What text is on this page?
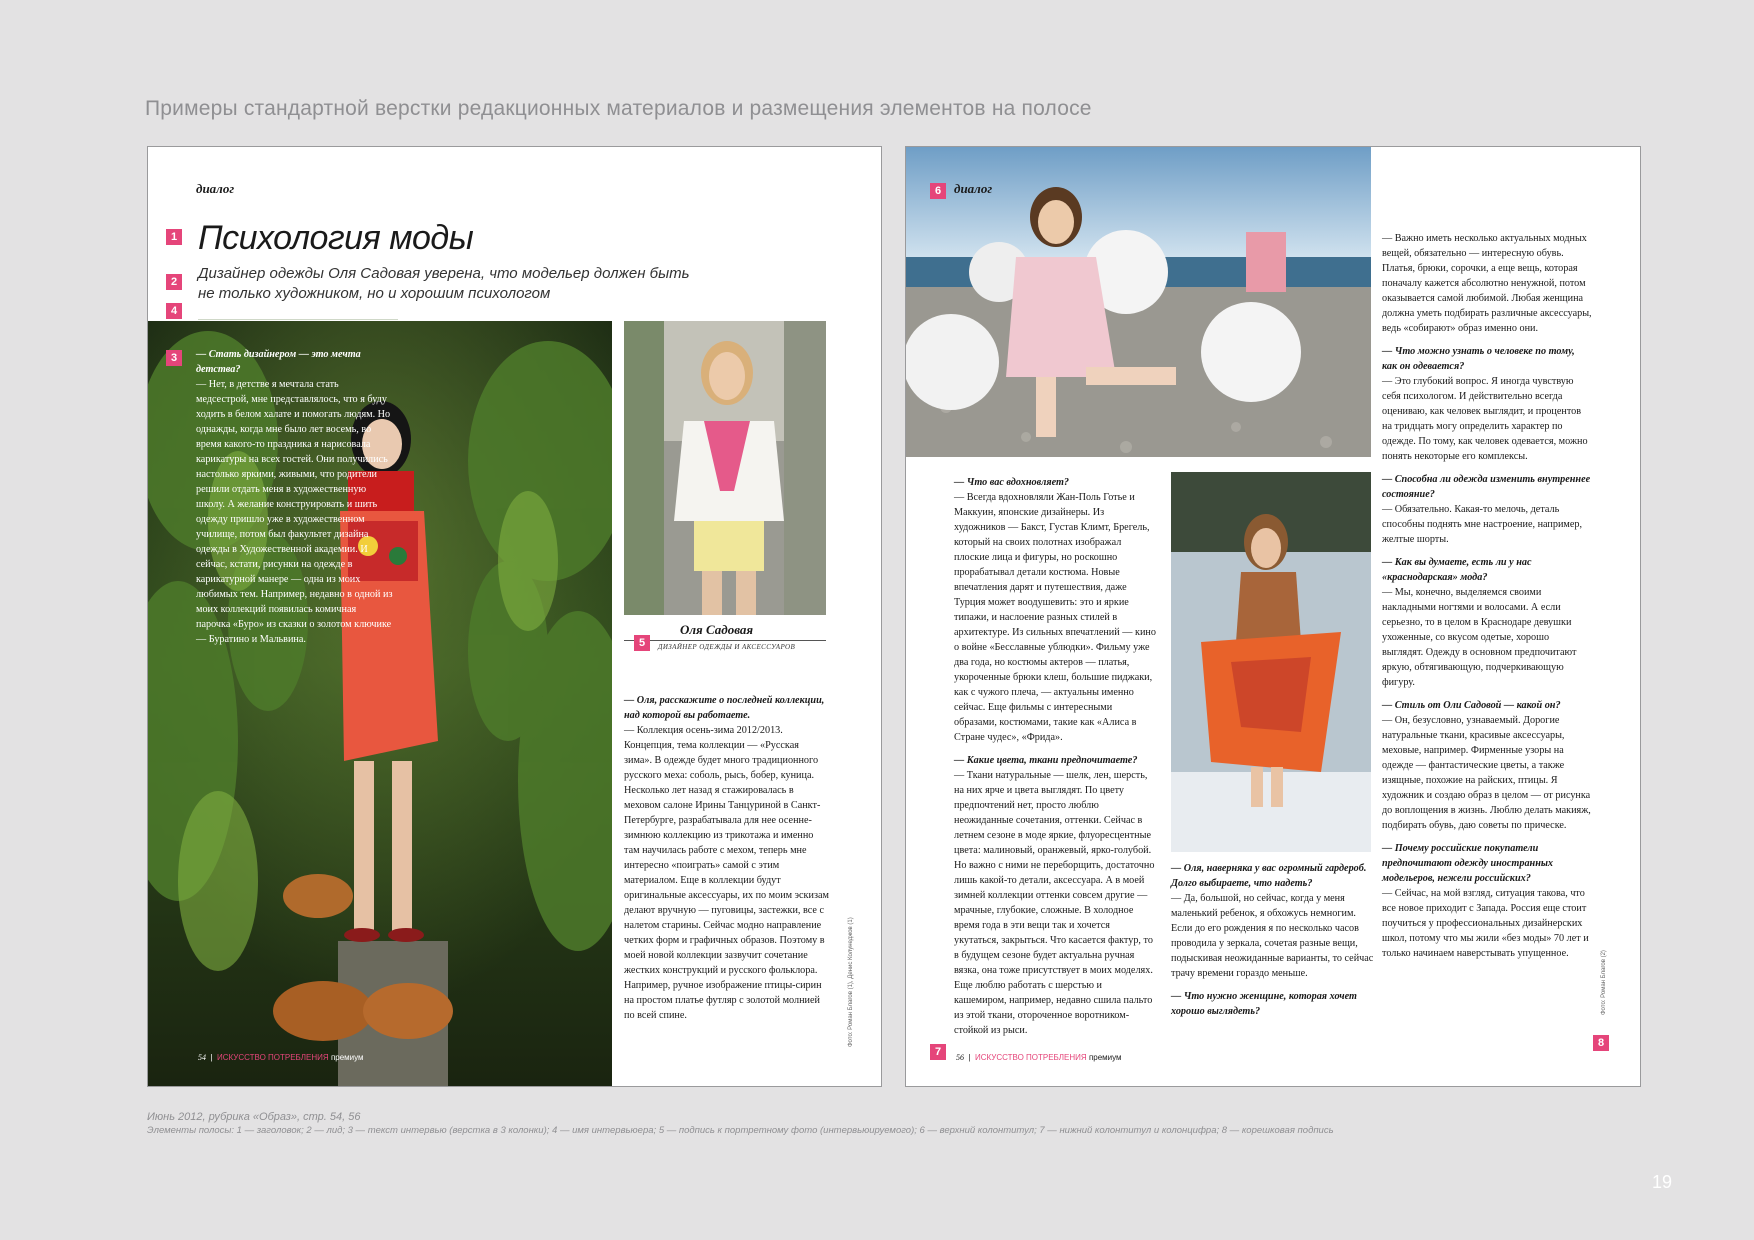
Примеры стандартной верстки редакционных материалов и размещения элементов на полосе
диалог
1 Психология моды
2	Дизайнер одежды Оля Садовая уверена, что модельер должен быть
не только художником, но и хорошим психологом
4	Беседовала Полина Фалина
3	— Стать дизайнером — это мечта детства?

— Нет, в детстве я мечтала стать медсестрой, мне представлялось, что я буду ходить в белом халате и помогать людям. Но однажды, когда мне было лет восемь, во время какого-то праздника я нарисовала карикатуры на всех гостей. Они получились настолько яркими, живыми, что родители решили отдать меня в художественную школу. А желание конструировать и шить одежду пришло уже в художественном училище, потом был факультет дизайна одежды в Художественной академии. И сейчас, кстати, рисунки на одежде в карикатурной манере — одна из моих любимых тем. Например, недавно в одной из моих коллекций появилась комичная парочка «Буро» из сказки о золотом ключике — Буратино и Мальвина.

54  |  ИСКУССТВО ПОТРЕБЛЕНИЯ премиум
Оля Садовая
5	ДИЗАЙНЕР ОДЕЖДЫ И АКСЕССУАРОВ

— Оля, расскажите о последней коллекции, над которой вы работаете.

— Коллекция осень-зима 2012/2013. Концепция, тема коллекции — «Русская зима». В одежде будет много традиционного русского меха: соболь, рысь, бобер, куница. Несколько лет назад я стажировалась в меховом салоне Ирины Танцуриной в Санкт-Петербурге, разрабатывала для нее осенне-зимнюю коллекцию из трикотажа и именно там научилась работе с мехом, теперь мне интересно «поиграть» самой с этим материалом. Еще в коллекции будут оригинальные аксессуары, их по моим эскизам делают вручную — пуговицы, застежки, все с налетом старины. Сейчас модно направление четких форм и графичных образов. Поэтому в моей новой коллекции зазвучит сочетание жестких конструкций и русского фольклора. Например, ручное изображение птицы-сирин на простом платье футляр с золотой молнией по всей спине.	Фото: Роман Благов (1), Денис Колунеджов (1)
6 диалог

— Важно иметь несколько актуальных модных вещей, обязательно — интересную обувь. Платья, брюки, сорочки, а еще вещь, которая поначалу кажется абсолютно ненужной, потом оказывается самой любимой. Любая женщина должна уметь подбирать различные аксессуары, ведь «собирают» образ именно они.

— Что можно узнать о человеке по тому, как он одевается?

— Это глубокий вопрос. Я иногда чувствую себя психологом. И действительно всегда оцениваю, как человек выглядит, и процентов на тридцать могу определить характер по одежде. По тому, как человек одевается, можно понять некоторые его комплексы.

— Способна ли одежда изменить внутреннее состояние?

— Обязательно. Какая-то мелочь, деталь способны поднять мне настроение, например, желтые шорты.

— Как вы думаете, есть ли у нас «краснодарская» мода?

— Мы, конечно, выделяемся своими накладными ногтями и волосами. А если серьезно, то в целом в Краснодаре девушки ухоженные, со вкусом одетые, хорошо выглядят. Одежду в основном предпочитают яркую, обтягивающую, подчеркивающую фигуру.

— Стиль от Оли Садовой — какой он?

— Он, безусловно, узнаваемый. Дорогие натуральные ткани, красивые аксессуары, меховые, например. Фирменные узоры на одежде — фантастические цветы, а также изящные, похожие на райских, птицы. Я художник и создаю образ в целом — от рисунка до воплощения в жизнь. Люблю делать макияж, подбирать обувь, даю советы по прическе.

— Почему российские покупатели предпочитают одежду иностранных модельеров, нежели российских?

— Сейчас, на мой взгляд, ситуация такова, что все новое приходит с Запада. Россия еще стоит поучиться у профессиональных дизайнерских школ, потому что мы жили «без моды» 70 лет и только начинаем наверстывать упущенное.

— Что вас вдохновляет?

— Всегда вдохновляли Жан-Поль Готье и Маккуин, японские дизайнеры. Из художников — Бакст, Густав Климт, Брегель, который на своих полотнах изображал плоские лица и фигуры, но роскошно прорабатывал детали костюма. Новые впечатления дарят и путешествия, даже Турция может воодушевить: это и яркие типажи, и наслоение разных стилей в архитектуре. Из сильных впечатлений — кино о войне «Бесславные ублюдки». Фильму уже два года, но костюмы актеров — платья, укороченные брюки клеш, большие пиджаки, как с чужого плеча, — актуальны именно сейчас. Еще фильмы с интересными образами, костюмами, такие как «Алиса в Стране чудес», «Фрида».

— Какие цвета, ткани предпочитаете?

— Ткани натуральные — шелк, лен, шерсть, на них ярче и цвета выглядят. По цвету предпочтений нет, просто люблю неожиданные сочетания, оттенки. Сейчас в летнем сезоне в моде яркие, флуоресцентные цвета: малиновый, оранжевый, ярко-голубой. Но важно с ними не переборщить, достаточно лишь какой-то детали, аксессуара. А в моей зимней коллекции оттенки совсем другие — мрачные, глубокие, сложные. В холодное время года в эти вещи так и хочется укутаться, закрыться. Что касается фактур, то в будущем сезоне будет актуальна ручная вязка, она тоже присутствует в моих моделях. Еще люблю работать с шерстью и кашемиром, например, недавно сшила пальто из этой ткани, отороченное воротником-стойкой из рыси.

— Оля, наверняка у вас огромный гардероб. Долго выбираете, что надеть?

— Да, большой, но сейчас, когда у меня маленький ребенок, я обхожусь немногим. Если до его рождения я по несколько часов проводила у зеркала, сочетая разные вещи, подыскивая неожиданные варианты, то сейчас трачу времени гораздо меньше.

— Что нужно женщине, которая хочет хорошо выглядеть?

7	56  |  ИСКУССТВО ПОТРЕБЛЕНИЯ премиум
8
Фото: Роман Благов (2)
Июнь 2012, рубрика «Образ», стр. 54, 56
Элементы полосы: 1 — заголовок; 2 — лид; 3 — текст интервью (верстка в 3 колонки); 4 — имя интервьюера; 5 — подпись к портретному фото (интервьюируемого); 6 — верхний колонтитул; 7 — нижний колонтитул и колонцифра; 8 — корешковая подпись
19
